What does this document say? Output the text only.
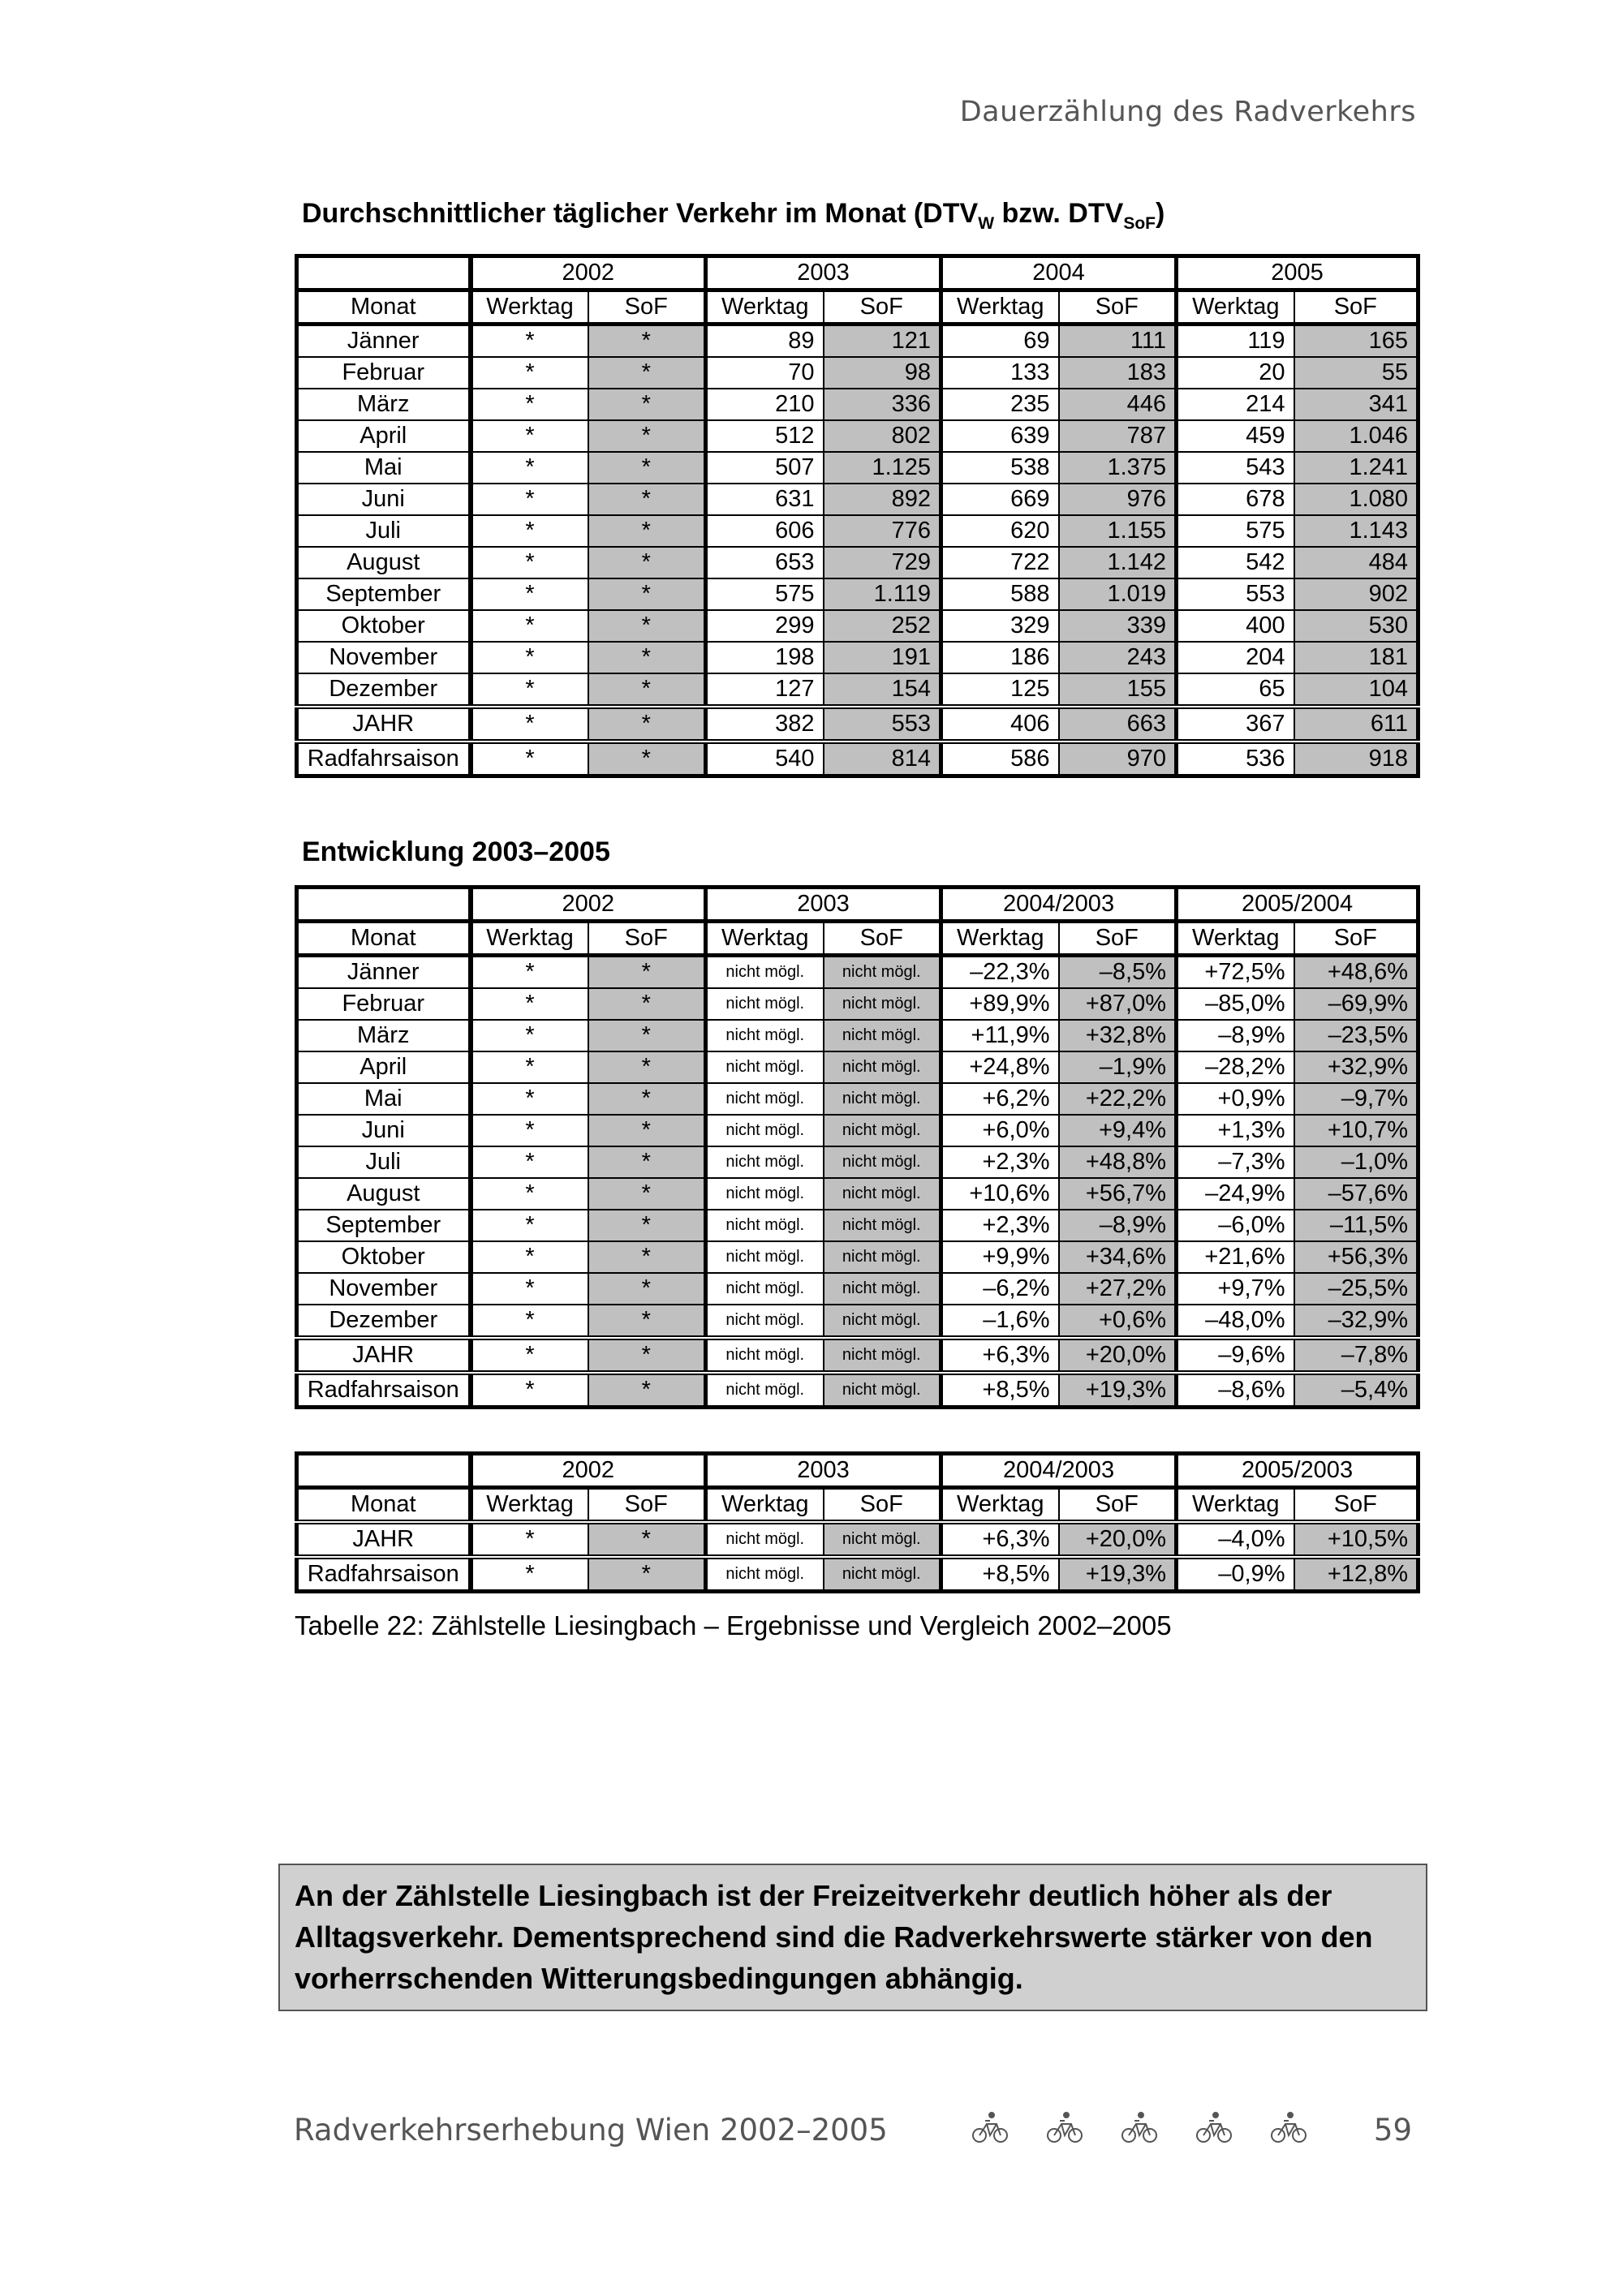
Dauerzählung des Radverkehrs
Durchschnittlicher täglicher Verkehr im Monat ($DTV_W$ bzw. $DTV_{SoF}$)
	2002		2003		2004		2005	
Monat	Werktag	SoF	Werktag	SoF	Werktag	SoF	Werktag	SoF
Jänner	*	*	89	121	69	111	119	165
Februar	*	*	70	98	133	183	20	55
März	*	*	210	336	235	446	214	341
April	*	*	512	802	639	787	459	1.046
Mai	*	*	507	1.125	538	1.375	543	1.241
Juni	*	*	631	892	669	976	678	1.080
Juli	*	*	606	776	620	1.155	575	1.143
August	*	*	653	729	722	1.142	542	484
September	*	*	575	1.119	588	1.019	553	902
Oktober	*	*	299	252	329	339	400	530
November	*	*	198	191	186	243	204	181
Dezember	*	*	127	154	125	155	65	104
JAHR	*	*	382	553	406	663	367	611
Radfahrsaison	*	*	540	814	586	970	536	918
Entwicklung 2003–2005
	2002		2003		2004/2003		2005/2004	
Monat	Werktag	SoF	Werktag	SoF	Werktag	SoF	Werktag	SoF
Jänner	*	*	nicht mögl.	nicht mögl.	–22,3%	–8,5%	+72,5%	+48,6%
Februar	*	*	nicht mögl.	nicht mögl.	+89,9%	+87,0%	–85,0%	–69,9%
März	*	*	nicht mögl.	nicht mögl.	+11,9%	+32,8%	–8,9%	–23,5%
April	*	*	nicht mögl.	nicht mögl.	+24,8%	–1,9%	–28,2%	+32,9%
Mai	*	*	nicht mögl.	nicht mögl.	+6,2%	+22,2%	+0,9%	–9,7%
Juni	*	*	nicht mögl.	nicht mögl.	+6,0%	+9,4%	+1,3%	+10,7%
Juli	*	*	nicht mögl.	nicht mögl.	+2,3%	+48,8%	–7,3%	–1,0%
August	*	*	nicht mögl.	nicht mögl.	+10,6%	+56,7%	–24,9%	–57,6%
September	*	*	nicht mögl.	nicht mögl.	+2,3%	–8,9%	–6,0%	–11,5%
Oktober	*	*	nicht mögl.	nicht mögl.	+9,9%	+34,6%	+21,6%	+56,3%
November	*	*	nicht mögl.	nicht mögl.	–6,2%	+27,2%	+9,7%	–25,5%
Dezember	*	*	nicht mögl.	nicht mögl.	–1,6%	+0,6%	–48,0%	–32,9%
JAHR	*	*	nicht mögl.	nicht mögl.	+6,3%	+20,0%	–9,6%	–7,8%
Radfahrsaison	*	*	nicht mögl.	nicht mögl.	+8,5%	+19,3%	–8,6%	–5,4%
	2002		2003		2004/2003		2005/2003	
Monat	Werktag	SoF	Werktag	SoF	Werktag	SoF	Werktag	SoF
JAHR	*	*	nicht mögl.	nicht mögl.	+6,3%	+20,0%	–4,0%	+10,5%
Radfahrsaison	*	*	nicht mögl.	nicht mögl.	+8,5%	+19,3%	–0,9%	+12,8%
Tabelle 22: Zählstelle Liesingbach – Ergebnisse und Vergleich 2002–2005
An der Zählstelle Liesingbach ist der Freizeitverkehr deutlich höher als der Alltagsverkehr. Dementsprechend sind die Radverkehrswerte stärker von den vorherrschenden Witterungsbedingungen abhängig.
Radverkehrserhebung Wien 2002–2005	59
